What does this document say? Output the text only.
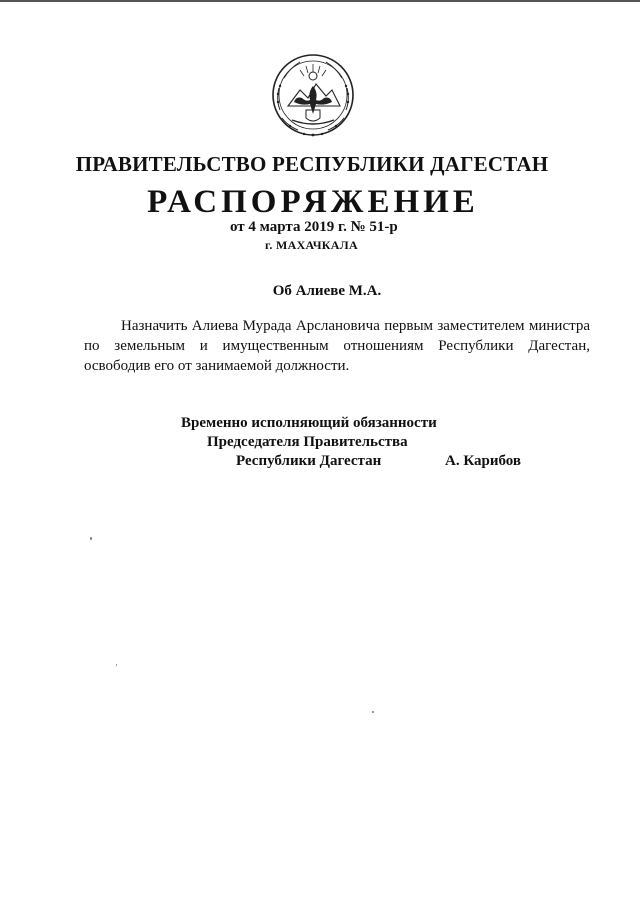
ПРАВИТЕЛЬСТВО РЕСПУБЛИКИ ДАГЕСТАН
РАСПОРЯЖЕНИЕ
от 4 марта 2019 г. № 51-р
г. МАХАЧКАЛА
Об Алиеве М.А.

Назначить Алиева Мурада Арслановича первым заместителем министра по земельным и имущественным отношениям Республики Дагестан, освободив его от занимаемой должности.

Временно исполняющий обязанности
Председателя Правительства
Республики Дагестан	А. Карибов
